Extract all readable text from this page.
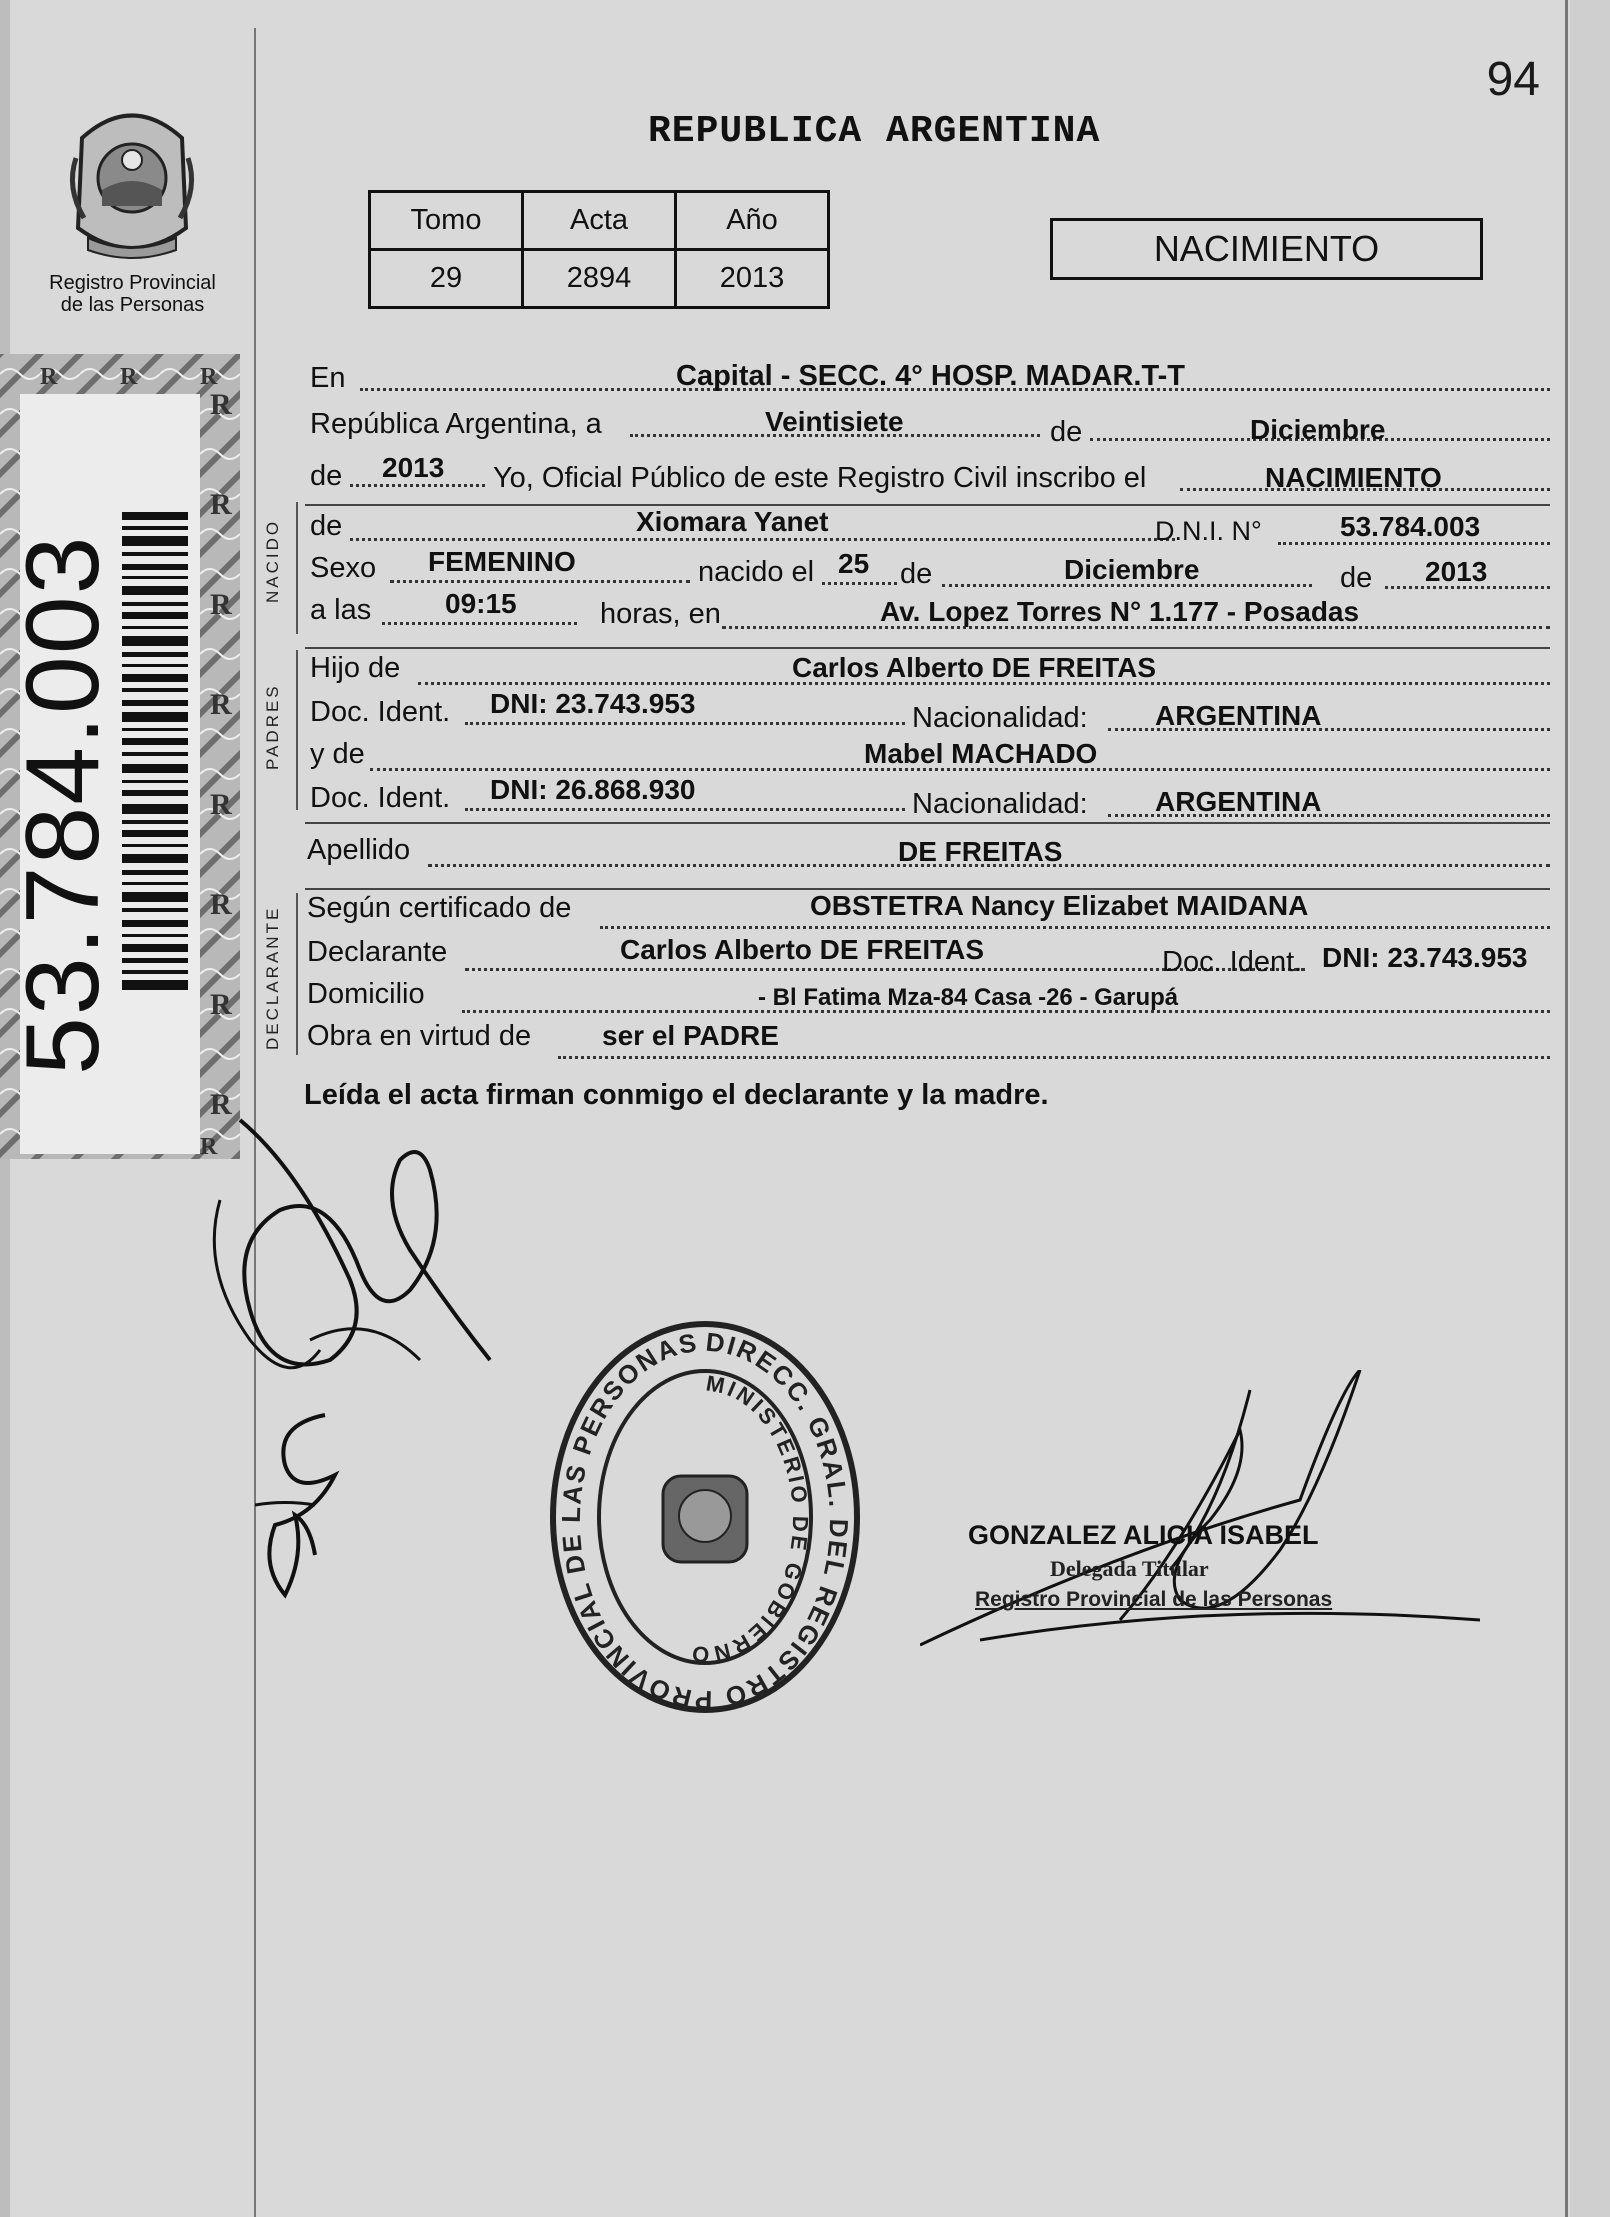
94
REPUBLICA ARGENTINA
Registro Provincial
de las Personas
Tomo	Acta	Año
29	2894	2013
NACIMIENTO
R
R
R
R
R
R
R
R
R
R
R
R
53.784.003	NACIDO
PADRES
DECLARANTE
En	Capital - SECC. 4° HOSP. MADAR.T-T
República Argentina, a	Veintisiete	de	Diciembre
de 2013 Yo, Oficial Público de este Registro Civil inscribo el	NACIMIENTO
de	Xiomara Yanet	D.N.I. N°	53.784.003
Sexo FEMENINO	nacido el 25 de	Diciembre	de 2013
a las	09:15	horas, en	Av. Lopez Torres N° 1.177 - Posadas
Hijo de	Carlos Alberto DE FREITAS
Doc. Ident. DNI: 23.743.953	Nacionalidad: ARGENTINA
y de	Mabel MACHADO
Doc. Ident. DNI: 26.868.930	Nacionalidad: ARGENTINA
Apellido	DE FREITAS
Según certificado de	OBSTETRA Nancy Elizabet MAIDANA
Declarante	Carlos Alberto DE FREITAS	Doc. Ident. DNI: 23.743.953
Domicilio	- Bl Fatima Mza-84 Casa -26 - Garupá
Obra en virtud de	ser el PADRE
Leída el acta firman conmigo el declarante y la madre.
DIRECC. GRAL. DEL REGISTRO PROVINCIAL DE LAS PERSONAS
MINISTERIO DE GOBIERNO
GONZALEZ ALICIA ISABEL
Delegada Titular
Registro Provincial de las Personas
